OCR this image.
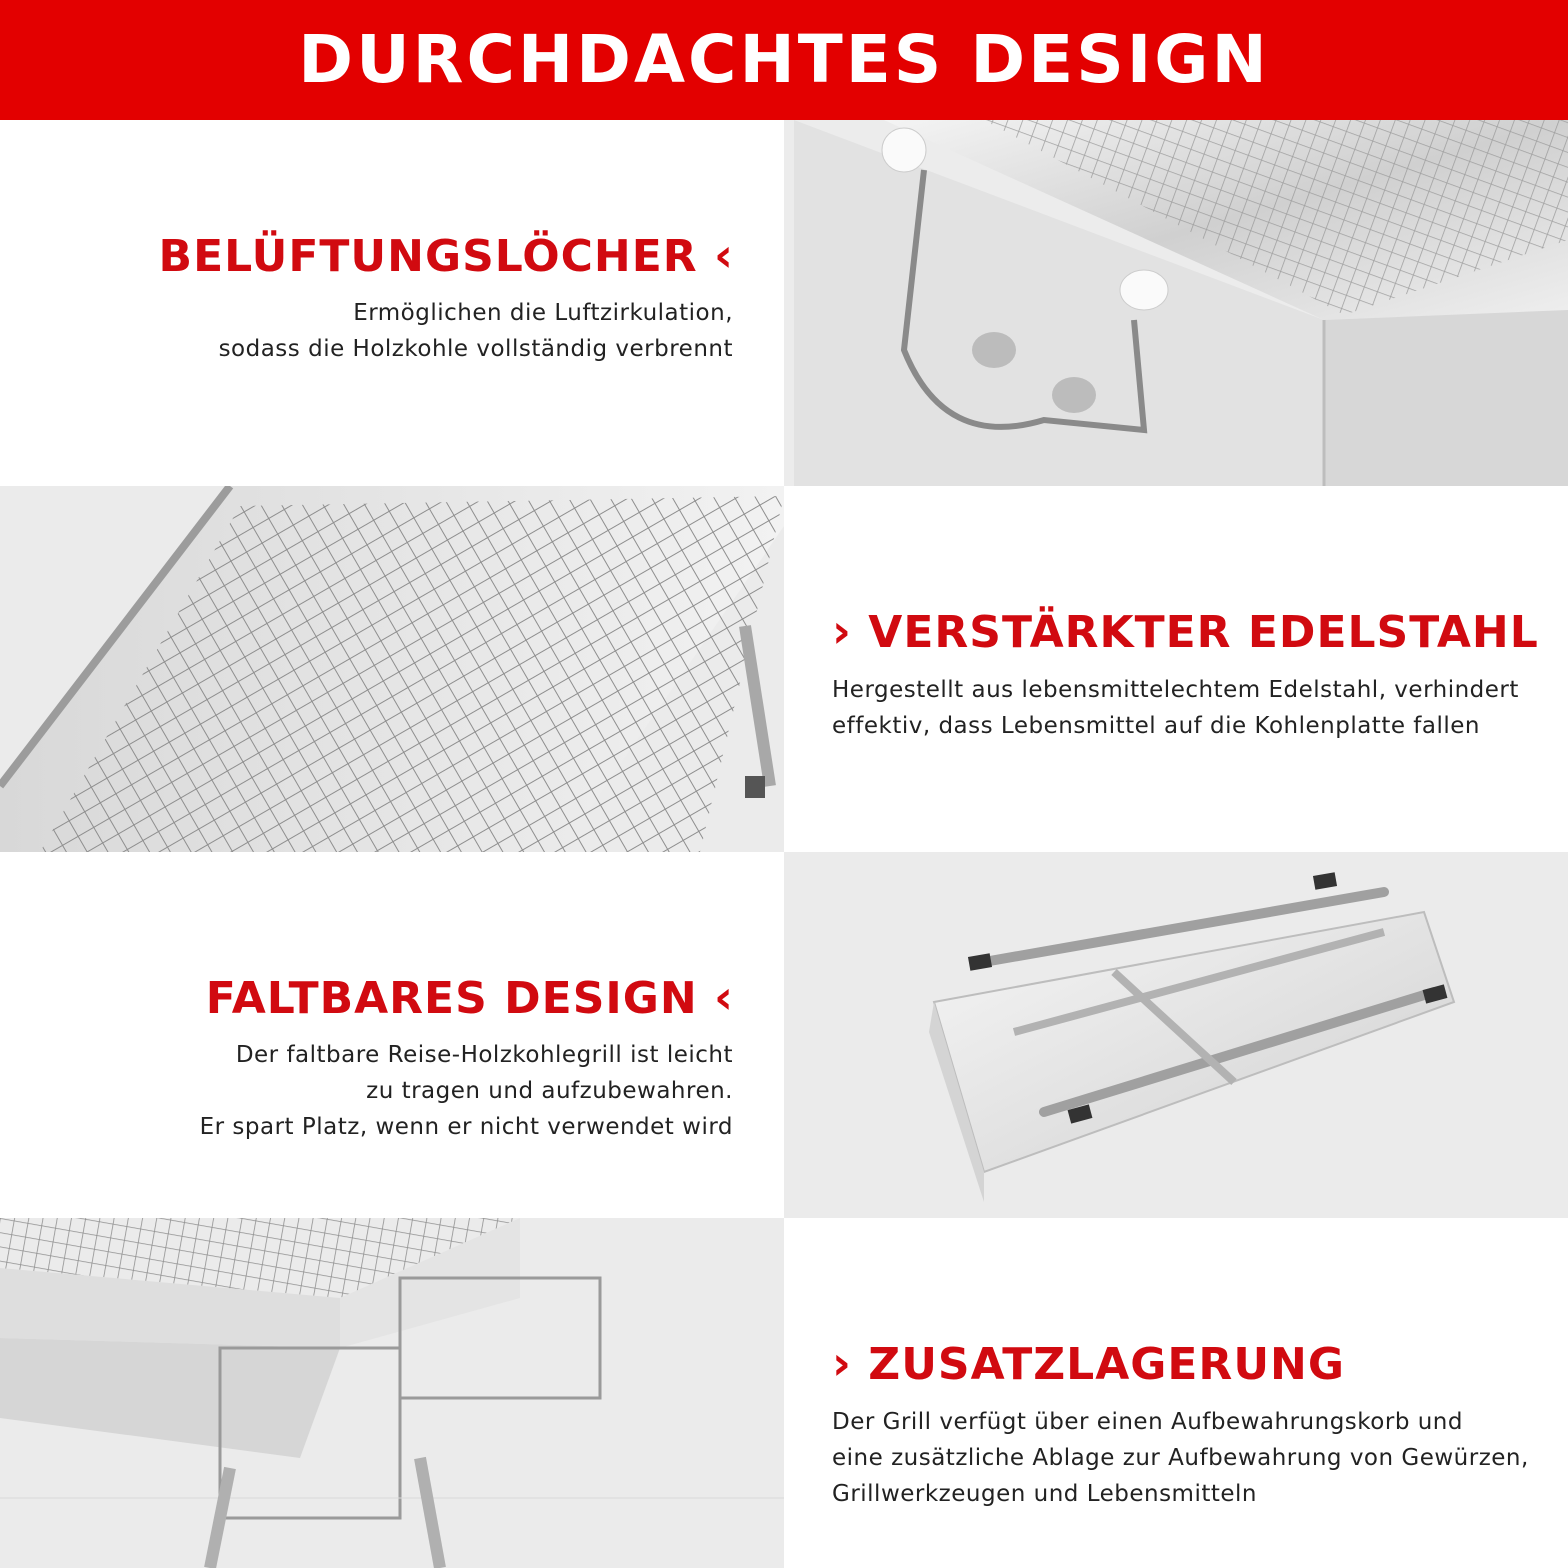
DURCHDACHTES DESIGN
BELÜFTUNGSLÖCHER ‹
Ermöglichen die Luftzirkulation,
sodass die Holzkohle vollständig verbrennt
› VERSTÄRKTER EDELSTAHL
Hergestellt aus lebensmittelechtem Edelstahl, verhindert
effektiv, dass Lebensmittel auf die Kohlenplatte fallen
FALTBARES DESIGN ‹
Der faltbare Reise-Holzkohlegrill ist leicht
zu tragen und aufzubewahren.
Er spart Platz, wenn er nicht verwendet wird
› ZUSATZLAGERUNG
Der Grill verfügt über einen Aufbewahrungskorb und
eine zusätzliche Ablage zur Aufbewahrung von Gewürzen,
Grillwerkzeugen und Lebensmitteln
